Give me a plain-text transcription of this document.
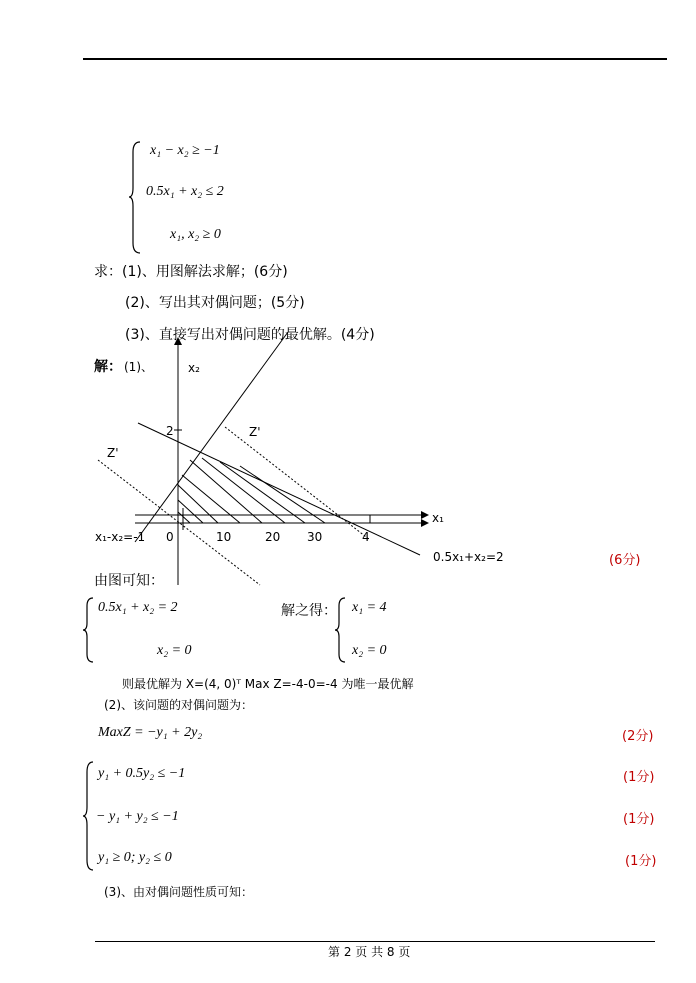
x₁ − x₂ ≥ −1
0.5x₁ + x₂ ≤ 2
x₁, x₂ ≥ 0
求：(1)、用图解法求解；(6分)
(2)、写出其对偶问题；(5分)
(3)、直接写出对偶问题的最优解。(4分)
解： (1)、	x₂
x₁
2	Z'
Z'
x₁-x₂=-1 0	10	20 30	4
0.5x₁+x₂=2	(6分)
由图可知：
0.5x₁ + x₂ = 2
x₂ = 0
解之得： x₁ = 4
x₂ = 0
则最优解为 X=(4, 0)ᵀ Max Z=-4-0=-4 为唯一最优解
(2)、该问题的对偶问题为：
MaxZ = −y₁ + 2y₂	(2分)
y₁ + 0.5y₂ ≤ −1	(1分)
− y₁ + y₂ ≤ −1	(1分)
y₁ ≥ 0; y₂ ≤ 0	(1分)
(3)、由对偶问题性质可知：
第 2 页 共 8 页
